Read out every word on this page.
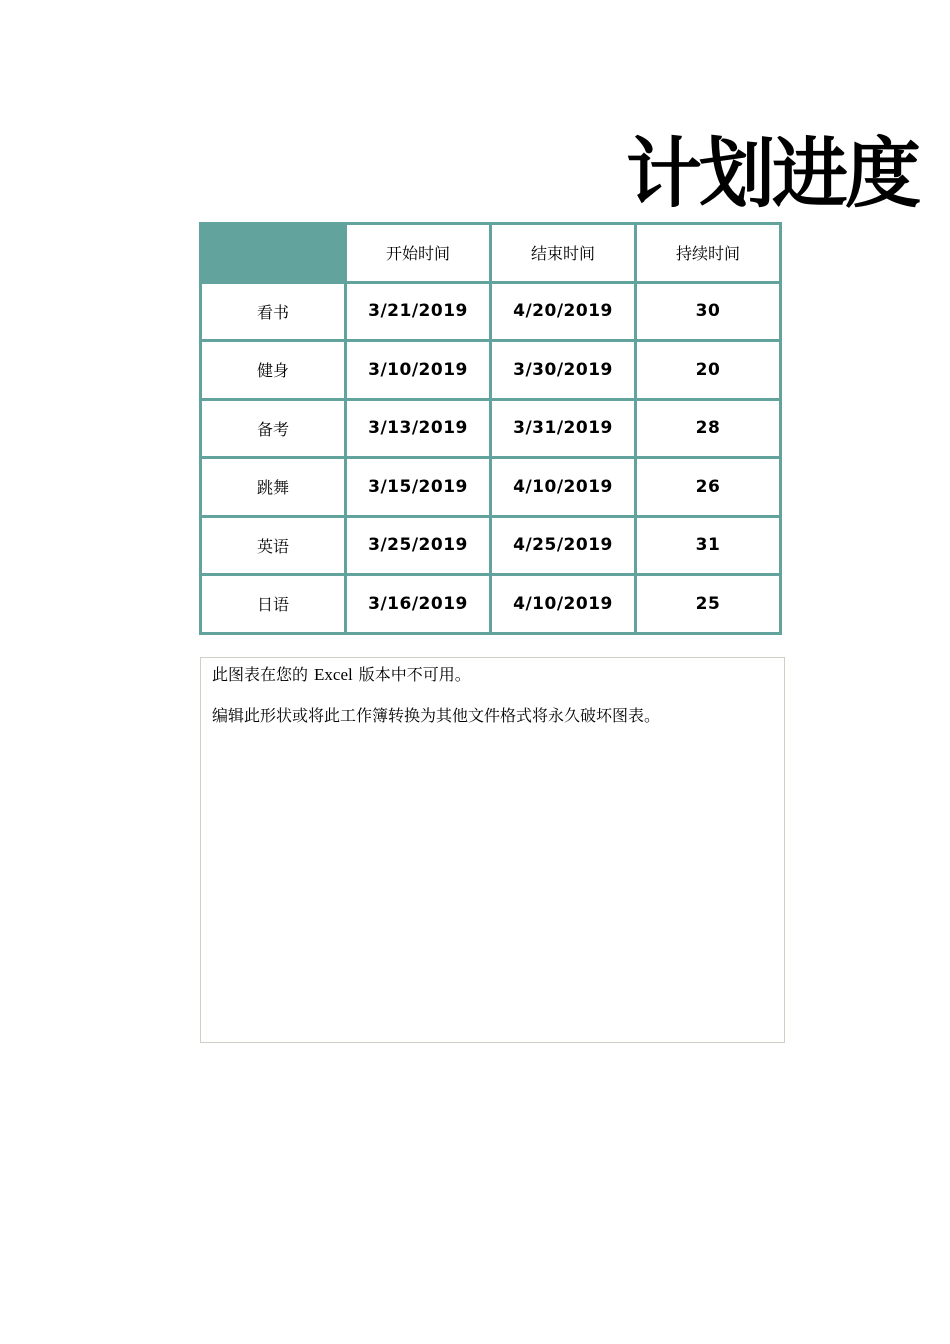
计划进度
	开始时间	结束时间	持续时间
看书	3/21/2019	4/20/2019	30
健身	3/10/2019	3/30/2019	20
备考	3/13/2019	3/31/2019	28
跳舞	3/15/2019	4/10/2019	26
英语	3/25/2019	4/25/2019	31
日语	3/16/2019	4/10/2019	25
此图表在您的 Excel 版本中不可用。
编辑此形状或将此工作簿转换为其他文件格式将永久破坏图表。
